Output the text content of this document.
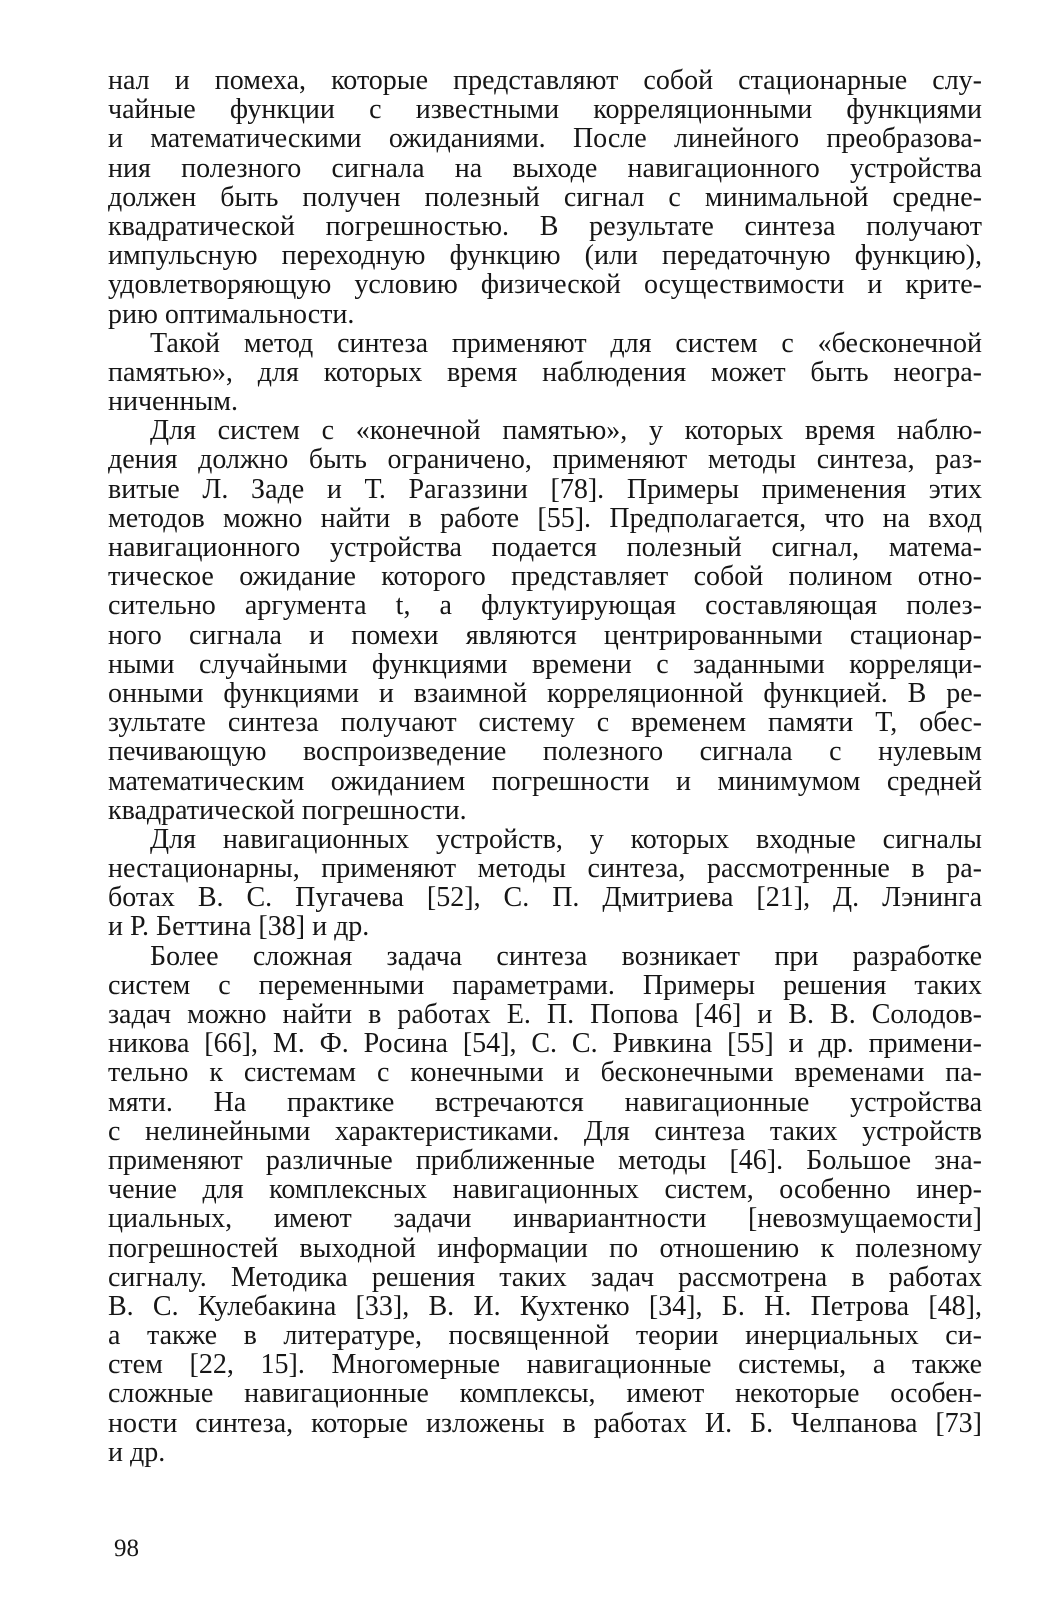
нал и помеха, которые представляют собой стационарные слу-
чайные функции с известными корреляционными функциями
и математическими ожиданиями. После линейного преобразова-
ния полезного сигнала на выходе навигационного устройства
должен быть получен полезный сигнал с минимальной средне-
квадратической погрешностью. В результате синтеза получают
импульсную переходную функцию (или передаточную функцию),
удовлетворяющую условию физической осуществимости и крите-
рию оптимальности.
Такой метод синтеза применяют для систем с «бесконечной
памятью», для которых время наблюдения может быть неогра-
ниченным.
Для систем с «конечной памятью», у которых время наблю-
дения должно быть ограничено, применяют методы синтеза, раз-
витые Л. Заде и Т. Рагаззини [78]. Примеры применения этих
методов можно найти в работе [55]. Предполагается, что на вход
навигационного устройства подается полезный сигнал, матема-
тическое ожидание которого представляет собой полином отно-
сительно аргумента t, а флуктуирующая составляющая полез-
ного сигнала и помехи являются центрированными стационар-
ными случайными функциями времени с заданными корреляци-
онными функциями и взаимной корреляционной функцией. В ре-
зультате синтеза получают систему с временем памяти T, обес-
печивающую воспроизведение полезного сигнала с нулевым
математическим ожиданием погрешности и минимумом средней
квадратической погрешности.
Для навигационных устройств, у которых входные сигналы
нестационарны, применяют методы синтеза, рассмотренные в ра-
ботах В. С. Пугачева [52], С. П. Дмитриева [21], Д. Лэнинга
и Р. Беттина [38] и др.
Более сложная задача синтеза возникает при разработке
систем с переменными параметрами. Примеры решения таких
задач можно найти в работах Е. П. Попова [46] и В. В. Солодов-
никова [66], М. Ф. Росина [54], С. С. Ривкина [55] и др. примени-
тельно к системам с конечными и бесконечными временами па-
мяти. На практике встречаются навигационные устройства
с нелинейными характеристиками. Для синтеза таких устройств
применяют различные приближенные методы [46]. Большое зна-
чение для комплексных навигационных систем, особенно инер-
циальных, имеют задачи инвариантности [невозмущаемости]
погрешностей выходной информации по отношению к полезному
сигналу. Методика решения таких задач рассмотрена в работах
В. С. Кулебакина [33], В. И. Кухтенко [34], Б. Н. Петрова [48],
а также в литературе, посвященной теории инерциальных си-
стем [22, 15]. Многомерные навигационные системы, а также
сложные навигационные комплексы, имеют некоторые особен-
ности синтеза, которые изложены в работах И. Б. Челпанова [73]
и др.
98
